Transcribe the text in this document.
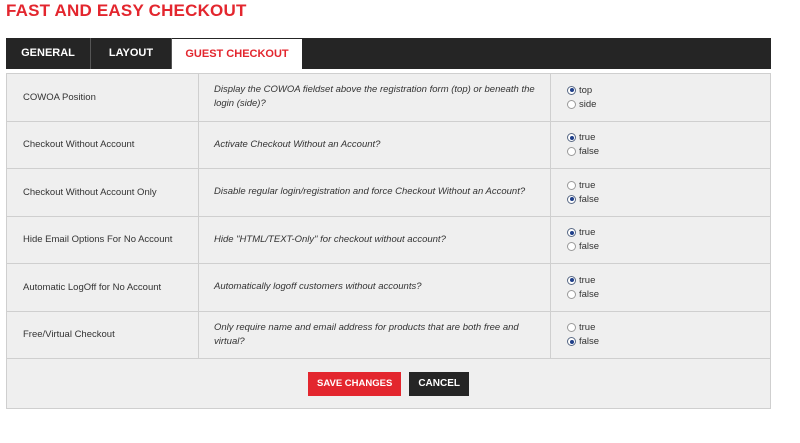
FAST AND EASY CHECKOUT
GENERAL	LAYOUT	GUEST CHECKOUT
COWOA Position	Display the COWOA fieldset above the registration form (top) or beneath the login (side)?	top
side

Checkout Without Account	Activate Checkout Without an Account?	true
false

Checkout Without Account Only	Disable regular login/registration and force Checkout Without an Account?	true
false

Hide Email Options For No Account	Hide "HTML/TEXT-Only" for checkout without account?	true
false

Automatic LogOff for No Account	Automatically logoff customers without accounts?	true
false

Free/Virtual Checkout	Only require name and email address for products that are both free and virtual?	true
false

SAVE CHANGES CANCEL		
